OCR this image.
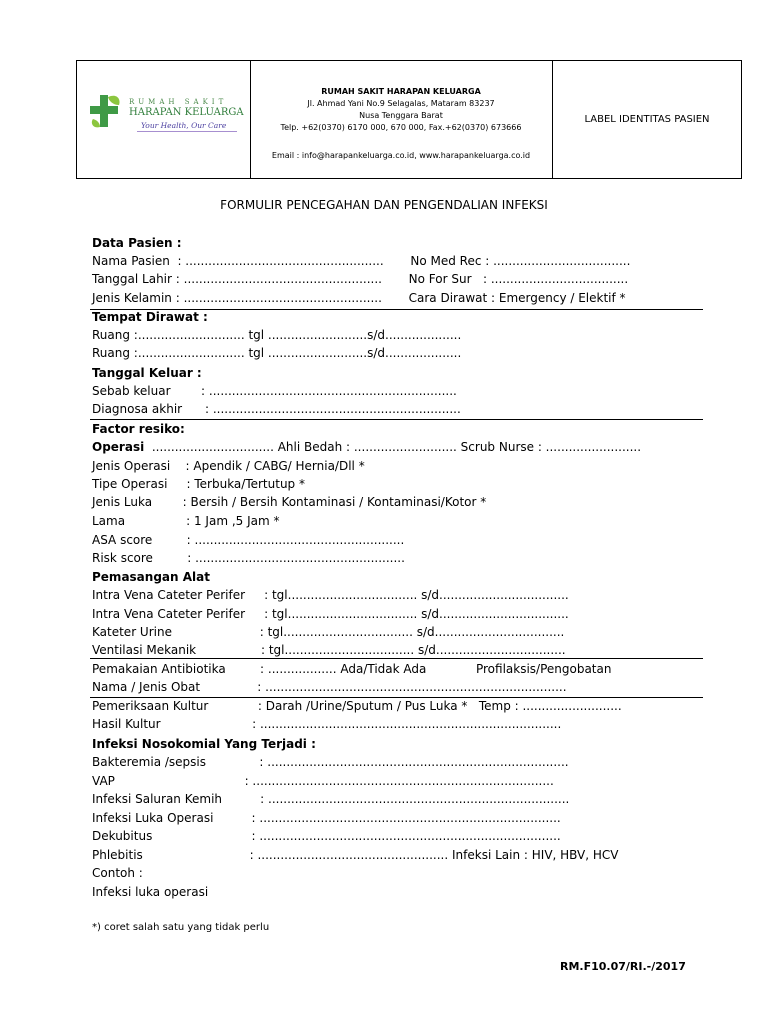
RUMAH SAKIT
HARAPAN KELUARGA
Your Health, Our Care
RUMAH SAKIT HARAPAN KELUARGA
Jl. Ahmad Yani No.9 Selagalas, Mataram 83237
Nusa Tenggara Barat
Telp. +62(0370) 6170 000, 670 000, Fax.+62(0370) 673666
Email : info@harapankeluarga.co.id, www.harapankeluarga.co.id
LABEL IDENTITAS PASIEN
FORMULIR PENCEGAHAN DAN PENGENDALIAN INFEKSI
Data Pasien :
Nama Pasien  : ....................................................       No Med Rec : ....................................
Tanggal Lahir : ....................................................       No For Sur   : ....................................
Jenis Kelamin : ....................................................       Cara Dirawat : Emergency / Elektif *
Tempat Dirawat :
Ruang :............................ tgl ..........................s/d....................
Ruang :............................ tgl ..........................s/d....................
Tanggal Keluar :
Sebab keluar        : .................................................................
Diagnosa akhir      : .................................................................
Factor resiko:
Operasi  ................................ Ahli Bedah : ........................... Scrub Nurse : .........................
Jenis Operasi    : Apendik / CABG/ Hernia/Dll *
Tipe Operasi     : Terbuka/Tertutup *
Jenis Luka        : Bersih / Bersih Kontaminasi / Kontaminasi/Kotor *
Lama                : 1 Jam ,5 Jam *
ASA score         : .......................................................
Risk score         : .......................................................
Pemasangan Alat
Intra Vena Cateter Perifer     : tgl.................................. s/d..................................
Intra Vena Cateter Perifer     : tgl.................................. s/d..................................
Kateter Urine                       : tgl.................................. s/d..................................
Ventilasi Mekanik                 : tgl.................................. s/d..................................
Pemakaian Antibiotika         : .................. Ada/Tidak Ada             Profilaksis/Pengobatan
Nama / Jenis Obat               : ...............................................................................
Pemeriksaan Kultur             : Darah /Urine/Sputum / Pus Luka *   Temp : ..........................
Hasil Kultur                        : ...............................................................................
Infeksi Nosokomial Yang Terjadi :
Bakteremia /sepsis              : ...............................................................................
VAP                                  : ...............................................................................
Infeksi Saluran Kemih          : ...............................................................................
Infeksi Luka Operasi          : ...............................................................................
Dekubitus                          : ...............................................................................
Phlebitis                            : .................................................. Infeksi Lain : HIV, HBV, HCV
Contoh :
Infeksi luka operasi
*) coret salah satu yang tidak perlu
RM.F10.07/RI.-/2017
